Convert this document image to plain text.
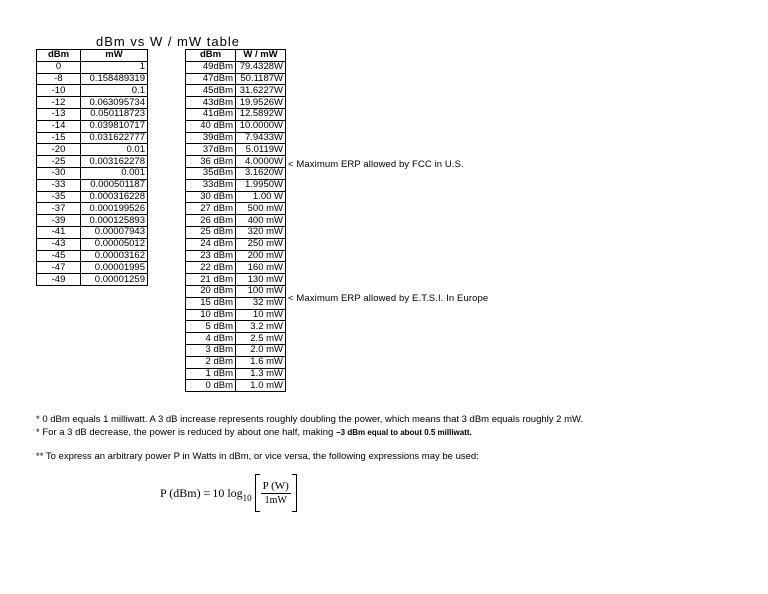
dBm vs W / mW table
dBm	mW
0	1
-8	0.158489319
-10	0.1
-12	0.063095734
-13	0.050118723
-14	0.039810717
-15	0.031622777
-20	0.01
-25	0.003162278
-30	0.001
-33	0.000501187
-35	0.000316228
-37	0.000199526
-39	0.000125893
-41	0.00007943
-43	0.00005012
-45	0.00003162
-47	0.00001995
-49	0.00001259
dBm	W / mW
49dBm	79.4328W
47dBm	50.1187W
45dBm	31.6227W
43dBm	19.9526W
41dBm	12.5892W
40 dBm	10.0000W
39dBm	7.9433W
37dBm	5.0119W
36 dBm	4.0000W
35dBm	3.1620W
33dBm	1.9950W
30 dBm	1.00 W
27 dBm	500 mW
26 dBm	400 mW
25 dBm	320 mW
24 dBm	250 mW
23 dBm	200 mW
22 dBm	160 mW
21 dBm	130 mW
20 dBm	100 mW
15 dBm	32 mW
10 dBm	10 mW
5 dBm	3.2 mW
4 dBm	2.5 mW
3 dBm	2.0 mW
2 dBm	1.6 mW
1 dBm	1.3 mW
0 dBm	1.0 mW
< Maximum ERP allowed by FCC in U.S.
< Maximum ERP allowed by E.T.S.I. In Europe
* 0 dBm equals 1 milliwatt. A 3 dB increase represents roughly doubling the power, which means that 3 dBm equals roughly 2 mW.
* For a 3 dB decrease, the power is reduced by about one half, making −3 dBm equal to about 0.5 milliwatt.
** To express an arbitrary power P in Watts in dBm, or vice versa, the following expressions may be used:
P (dBm) = 10 $\log 10 \frac{P (W)}{1mW}$
